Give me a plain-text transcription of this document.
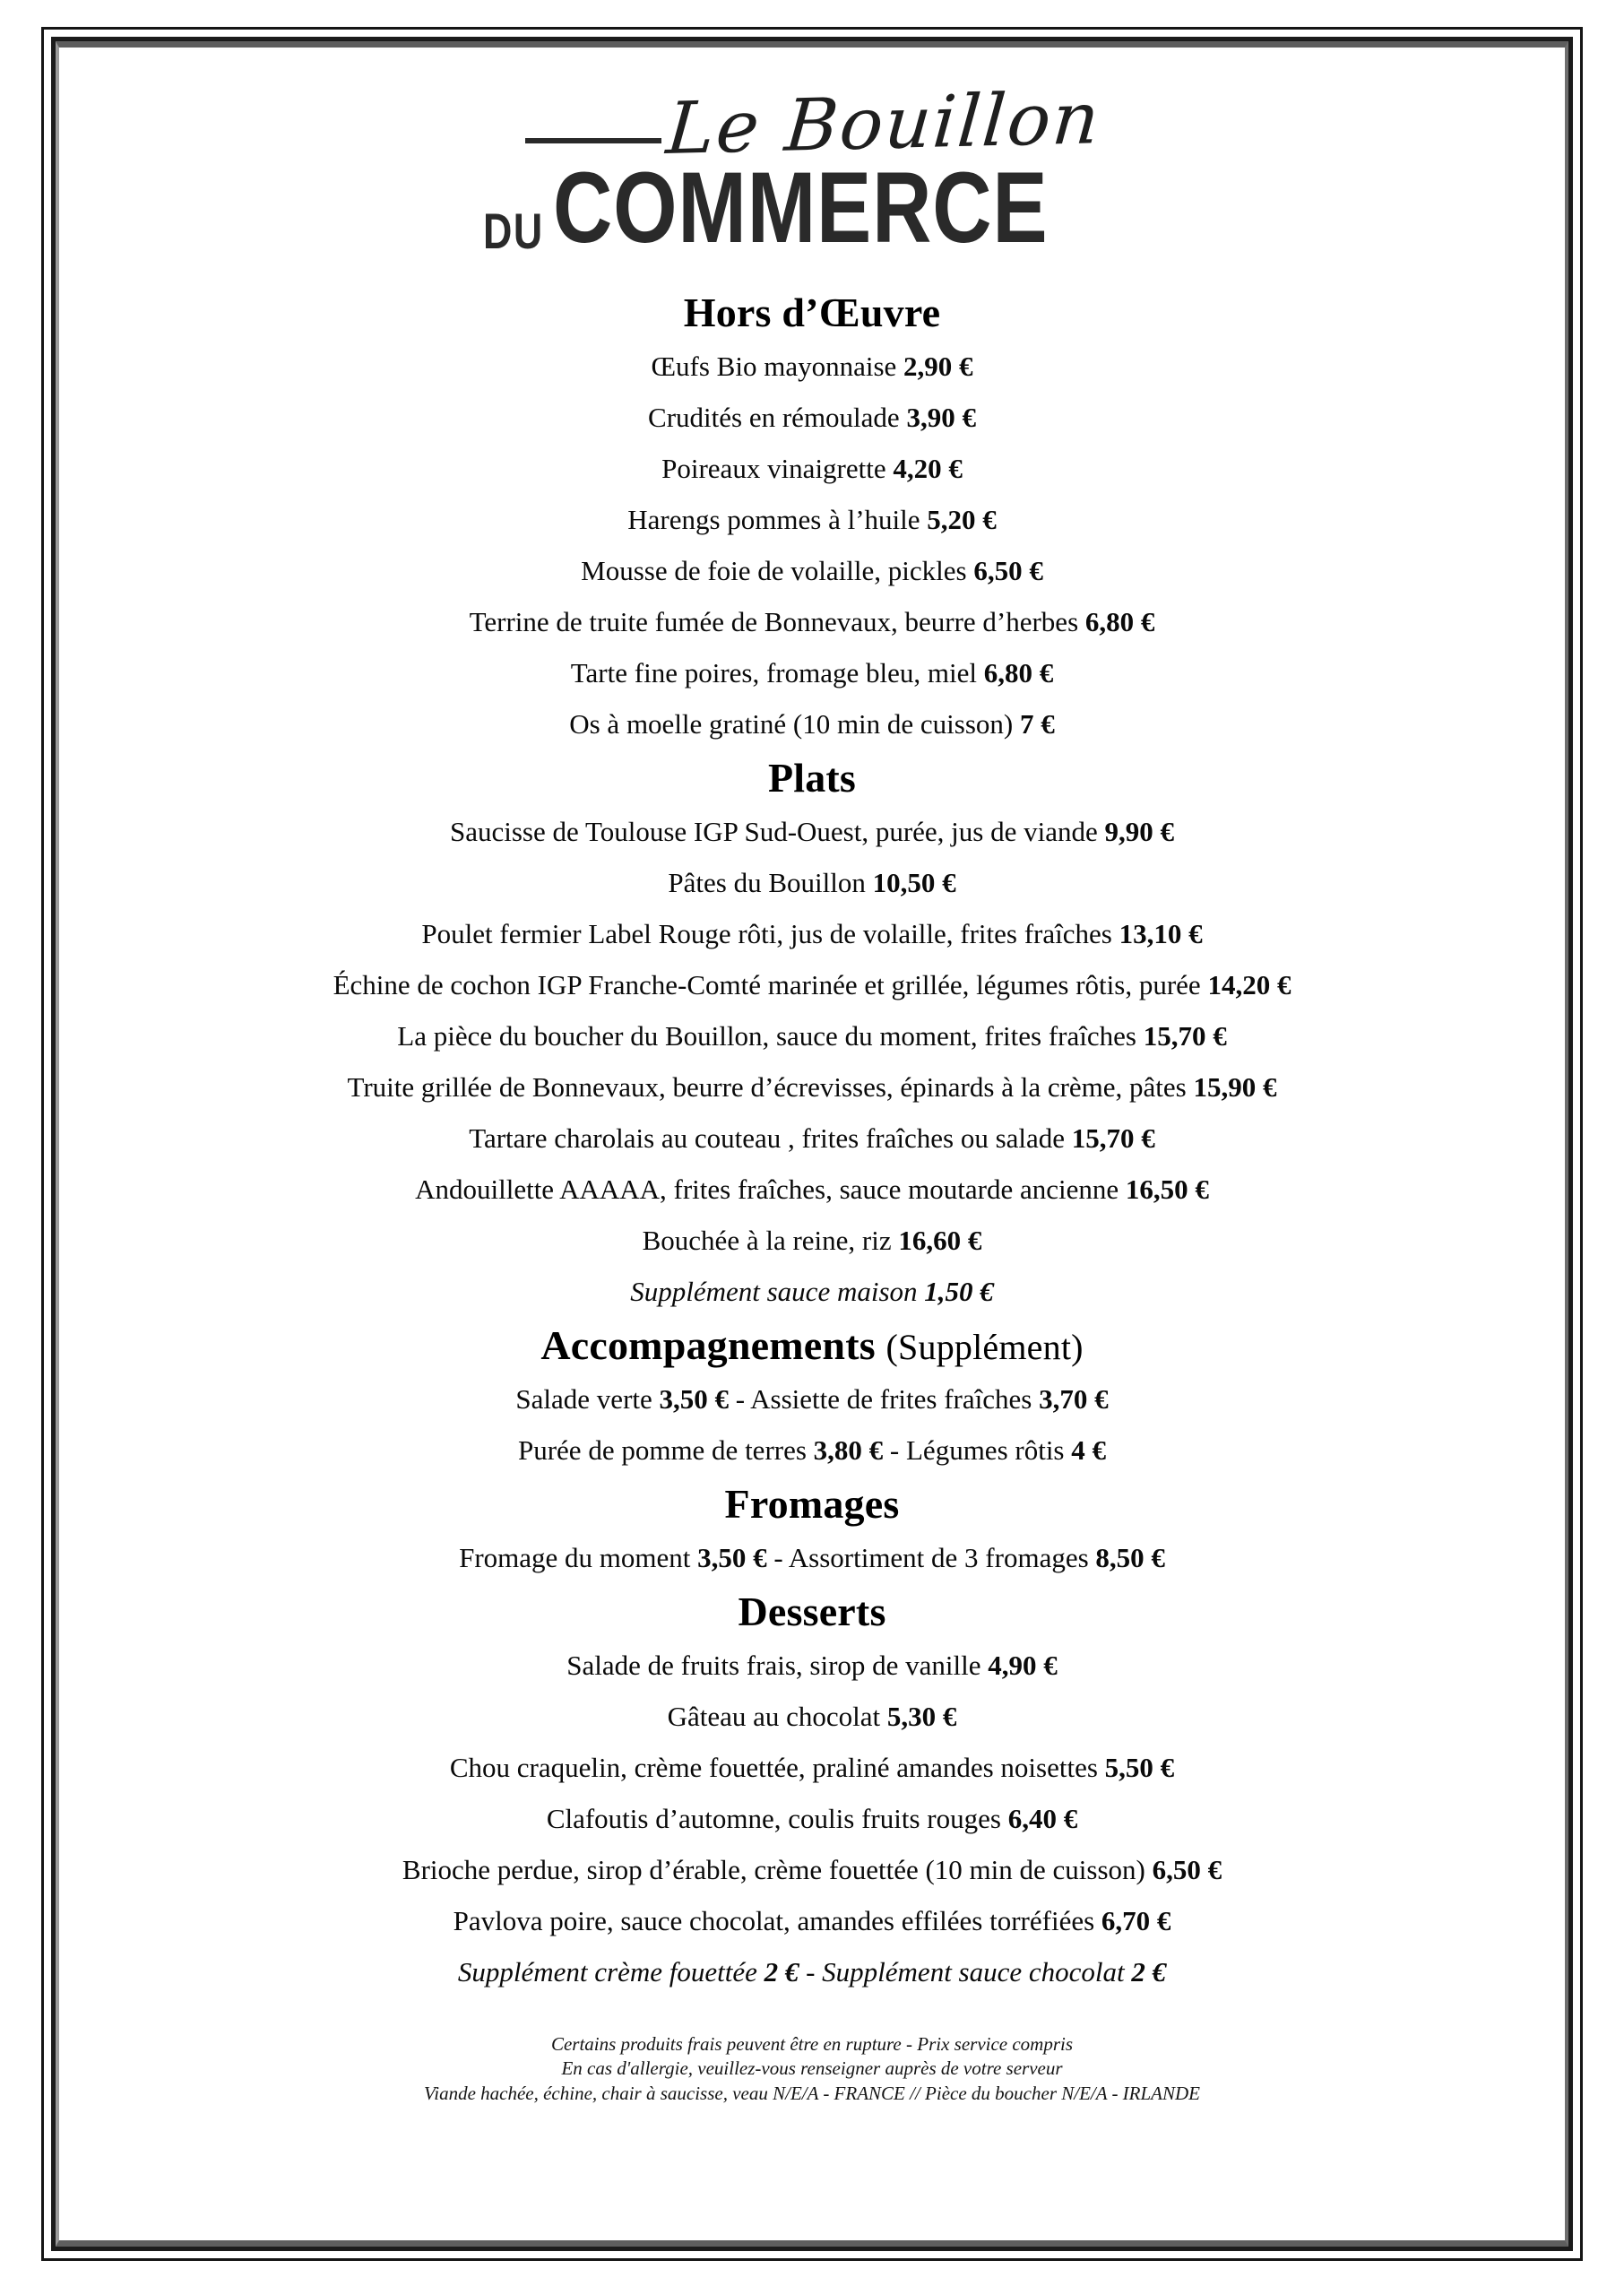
Le Bouillon
DU COMMERCE
Hors d’Œuvre
Œufs Bio mayonnaise 2,90 €
Crudités en rémoulade 3,90 €
Poireaux vinaigrette 4,20 €
Harengs pommes à l’huile 5,20 €
Mousse de foie de volaille, pickles 6,50 €
Terrine de truite fumée de Bonnevaux, beurre d’herbes 6,80 €
Tarte fine poires, fromage bleu, miel 6,80 €
Os à moelle gratiné (10 min de cuisson) 7 €
Plats
Saucisse de Toulouse IGP Sud-Ouest, purée, jus de viande 9,90 €
Pâtes du Bouillon 10,50 €
Poulet fermier Label Rouge rôti, jus de volaille, frites fraîches 13,10 €
Échine de cochon IGP Franche-Comté marinée et grillée, légumes rôtis, purée 14,20 €
La pièce du boucher du Bouillon, sauce du moment, frites fraîches 15,70 €
Truite grillée de Bonnevaux, beurre d’écrevisses, épinards à la crème, pâtes 15,90 €
Tartare charolais au couteau , frites fraîches ou salade 15,70 €
Andouillette AAAAA, frites fraîches, sauce moutarde ancienne 16,50 €
Bouchée à la reine, riz 16,60 €
Supplément sauce maison 1,50 €
Accompagnements (Supplément)
Salade verte 3,50 € - Assiette de frites fraîches 3,70 €
Purée de pomme de terres 3,80 € - Légumes rôtis 4 €
Fromages
Fromage du moment 3,50 € - Assortiment de 3 fromages 8,50 €
Desserts
Salade de fruits frais, sirop de vanille 4,90 €
Gâteau au chocolat 5,30 €
Chou craquelin, crème fouettée, praliné amandes noisettes 5,50 €
Clafoutis d’automne, coulis fruits rouges 6,40 €
Brioche perdue, sirop d’érable, crème fouettée (10 min de cuisson) 6,50 €
Pavlova poire, sauce chocolat, amandes effilées torréfiées 6,70 €
Supplément crème fouettée 2 € - Supplément sauce chocolat 2 €
Certains produits frais peuvent être en rupture - Prix service compris
En cas d'allergie, veuillez-vous renseigner auprès de votre serveur
Viande hachée, échine, chair à saucisse, veau N/E/A - FRANCE // Pièce du boucher N/E/A - IRLANDE
